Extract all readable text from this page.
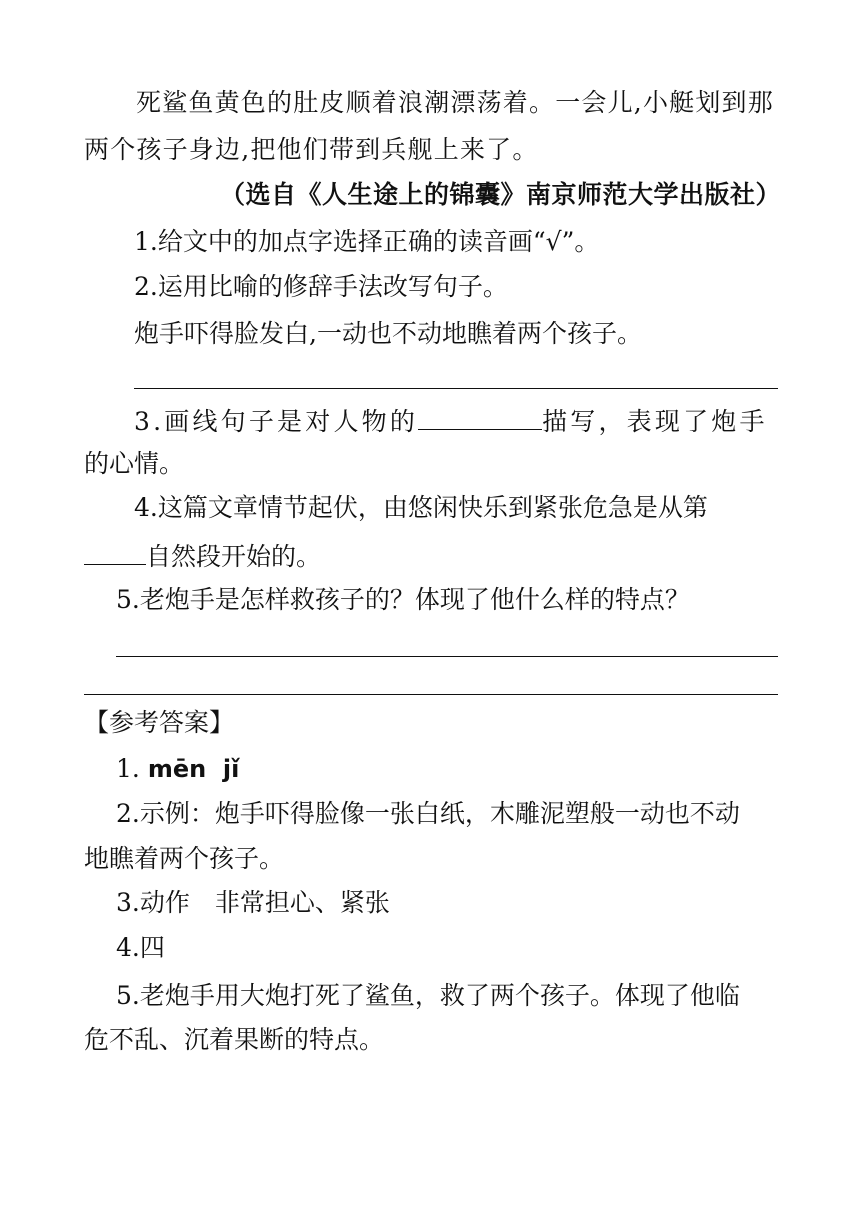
死鲨鱼黄色的肚皮顺着浪潮漂荡着。一会儿,小艇划到那
两个孩子身边,把他们带到兵舰上来了。
（选自《人生途上的锦囊》南京师范大学出版社）
1.给文中的加点字选择正确的读音画“√”。
2.运用比喻的修辞手法改写句子。
炮手吓得脸发白,一动也不动地瞧着两个孩子。
3.画线句子是对人物的	描写，表现了炮手
的心情。
4.这篇文章情节起伏，由悠闲快乐到紧张危急是从第
自然段开始的。
5.老炮手是怎样救孩子的？体现了他什么样的特点？
【参考答案】
1. mēn  jǐ
2.示例：炮手吓得脸像一张白纸，木雕泥塑般一动也不动
地瞧着两个孩子。
3.动作　非常担心、紧张
4.四
5.老炮手用大炮打死了鲨鱼，救了两个孩子。体现了他临
危不乱、沉着果断的特点。
